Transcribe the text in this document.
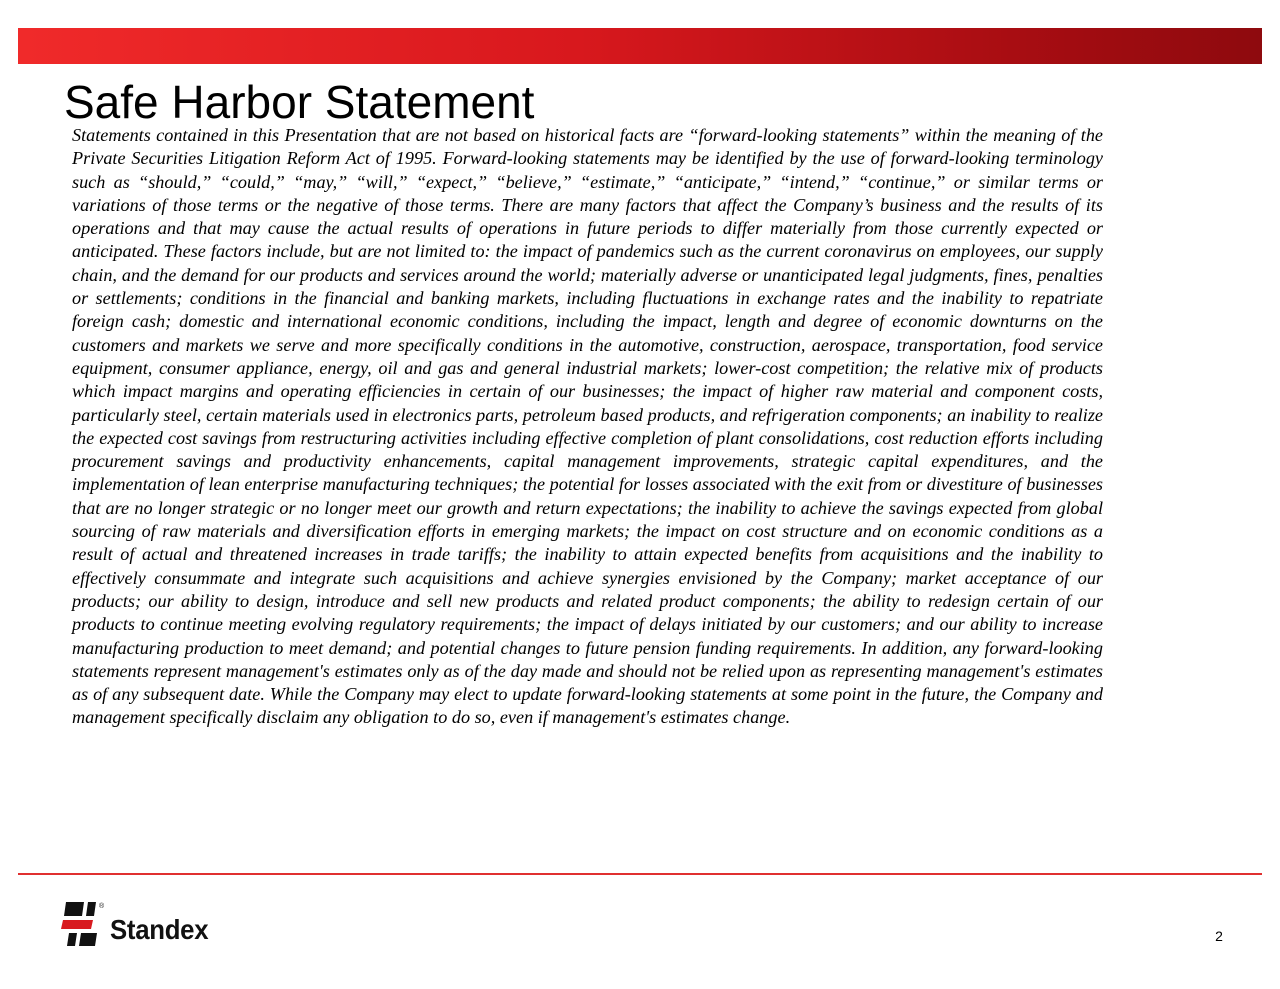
Safe Harbor Statement

Statements contained in this Presentation that are not based on historical facts are “forward-looking statements” within the meaning of the Private Securities Litigation Reform Act of 1995. Forward-looking statements may be identified by the use of forward-looking terminology such as “should,” “could,” “may,” “will,” “expect,” “believe,” “estimate,” “anticipate,” “intend,” “continue,” or similar terms or variations of those terms or the negative of those terms. There are many factors that affect the Company’s business and the results of its operations and that may cause the actual results of operations in future periods to differ materially from those currently expected or anticipated. These factors include, but are not limited to: the impact of pandemics such as the current coronavirus on employees, our supply chain, and the demand for our products and services around the world; materially adverse or unanticipated legal judgments, fines, penalties or settlements; conditions in the financial and banking markets, including fluctuations in exchange rates and the inability to repatriate foreign cash; domestic and international economic conditions, including the impact, length and degree of economic downturns on the customers and markets we serve and more specifically conditions in the automotive, construction, aerospace, transportation, food service equipment, consumer appliance, energy, oil and gas and general industrial markets; lower-cost competition; the relative mix of products which impact margins and operating efficiencies in certain of our businesses; the impact of higher raw material and component costs, particularly steel, certain materials used in electronics parts, petroleum based products, and refrigeration components; an inability to realize the expected cost savings from restructuring activities including effective completion of plant consolidations, cost reduction efforts including procurement savings and productivity enhancements, capital management improvements, strategic capital expenditures, and the implementation of lean enterprise manufacturing techniques; the potential for losses associated with the exit from or divestiture of businesses that are no longer strategic or no longer meet our growth and return expectations; the inability to achieve the savings expected from global sourcing of raw materials and diversification efforts in emerging markets; the impact on cost structure and on economic conditions as a result of actual and threatened increases in trade tariffs; the inability to attain expected benefits from acquisitions and the inability to effectively consummate and integrate such acquisitions and achieve synergies envisioned by the Company; market acceptance of our products; our ability to design, introduce and sell new products and related product components; the ability to redesign certain of our products to continue meeting evolving regulatory requirements; the impact of delays initiated by our customers; and our ability to increase manufacturing production to meet demand; and potential changes to future pension funding requirements. In addition, any forward-looking statements represent management's estimates only as of the day made and should not be relied upon as representing management's estimates as of any subsequent date. While the Company may elect to update forward-looking statements at some point in the future, the Company and management specifically disclaim any obligation to do so, even if management's estimates change.

®
Standex	2
